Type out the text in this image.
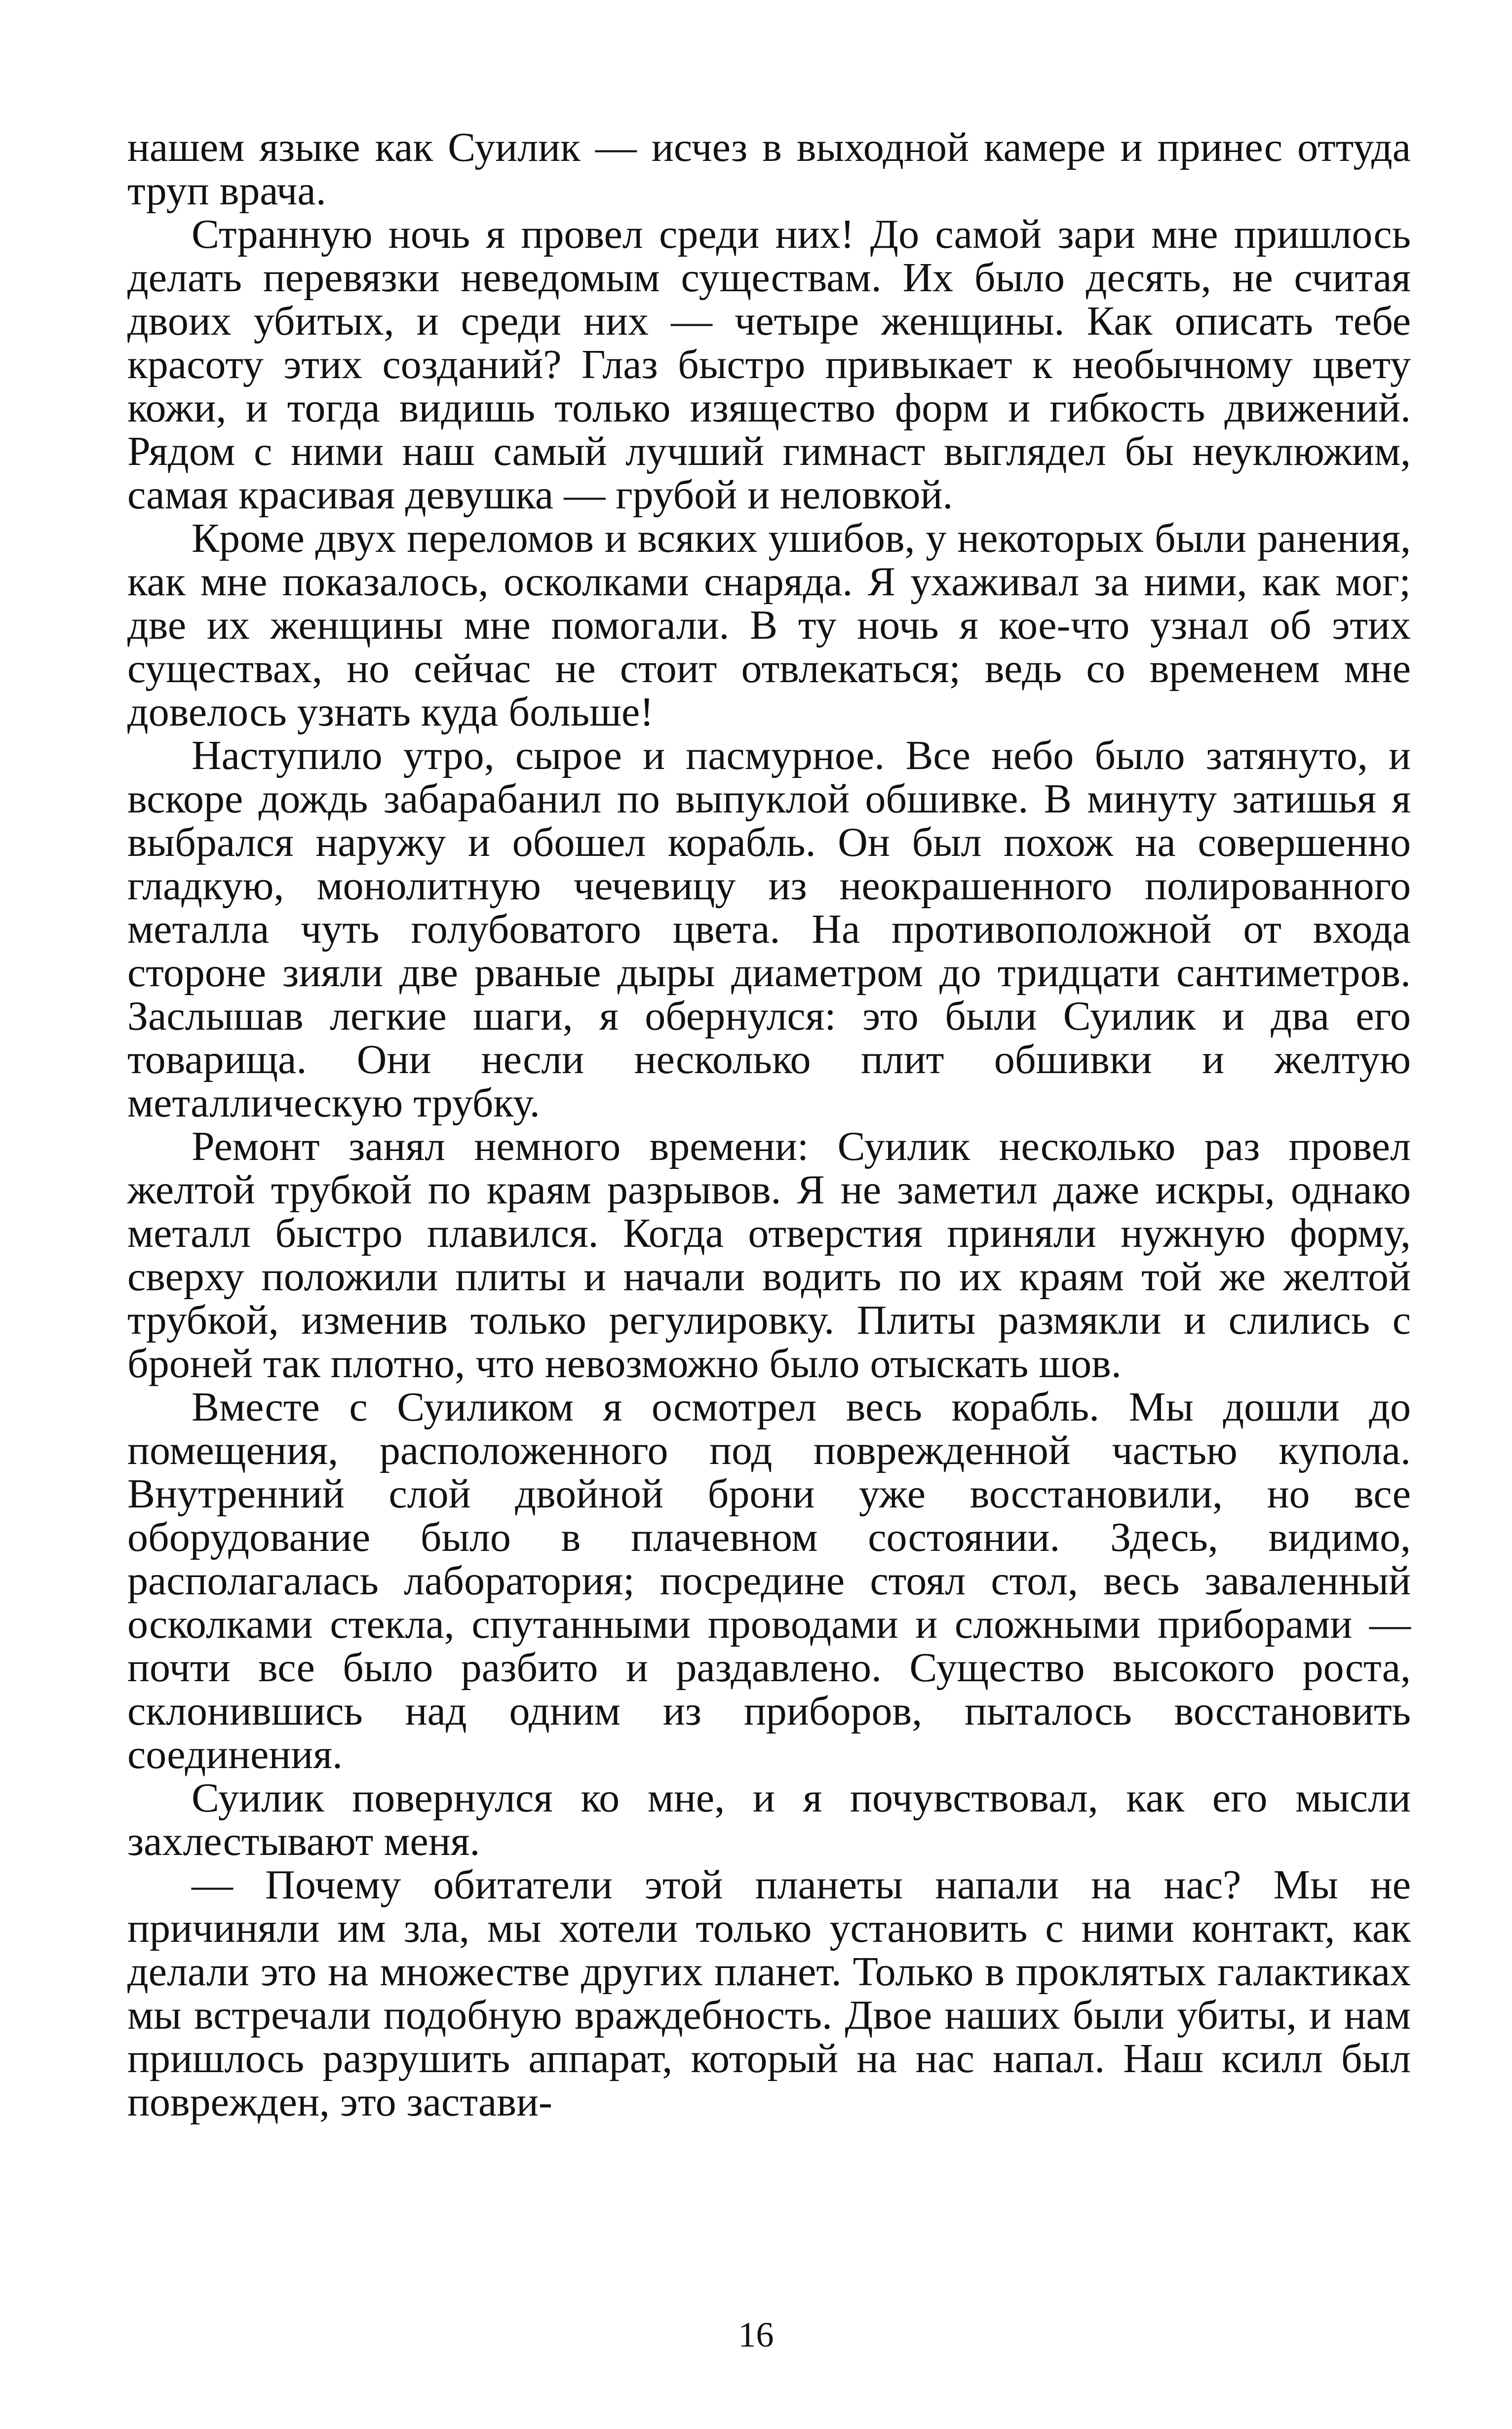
нашем языке как Суилик — исчез в выходной камере и принес оттуда труп врача.

Странную ночь я провел среди них! До самой зари мне пришлось делать перевязки неведомым существам. Их было десять, не считая двоих убитых, и среди них — четыре женщины. Как описать тебе красоту этих созданий? Глаз быстро привыкает к необычному цвету кожи, и тогда видишь только изящество форм и гибкость движений. Рядом с ними наш самый лучший гимнаст выглядел бы неуклюжим, самая красивая девушка — грубой и неловкой.

Кроме двух переломов и всяких ушибов, у некоторых были ранения, как мне показалось, осколками снаряда. Я ухаживал за ними, как мог; две их женщины мне помогали. В ту ночь я кое-что узнал об этих существах, но сейчас не стоит отвлекаться; ведь со временем мне довелось узнать куда больше!

Наступило утро, сырое и пасмурное. Все небо было затянуто, и вскоре дождь забарабанил по выпуклой обшивке. В минуту затишья я выбрался наружу и обошел корабль. Он был похож на совершенно гладкую, монолитную чечевицу из неокрашенного полированного металла чуть голубоватого цвета. На противоположной от входа стороне зияли две рваные дыры диаметром до тридцати сантиметров. Заслышав легкие шаги, я обернулся: это были Суилик и два его товарища. Они несли несколько плит обшивки и желтую металлическую трубку.

Ремонт занял немного времени: Суилик несколько раз провел желтой трубкой по краям разрывов. Я не заметил даже искры, однако металл быстро плавился. Когда отверстия приняли нужную форму, сверху положили плиты и начали водить по их краям той же желтой трубкой, изменив только регулировку. Плиты размякли и слились с броней так плотно, что невозможно было отыскать шов.

Вместе с Суиликом я осмотрел весь корабль. Мы дошли до помещения, расположенного под поврежденной частью купола. Внутренний слой двойной брони уже восстановили, но все оборудование было в плачевном состоянии. Здесь, видимо, располагалась лаборатория; посредине стоял стол, весь заваленный осколками стекла, спутанными проводами и сложными приборами — почти все было разбито и раздавлено. Существо высокого роста, склонившись над одним из приборов, пыталось восстановить соединения.

Суилик повернулся ко мне, и я почувствовал, как его мысли захлестывают меня.

— Почему обитатели этой планеты напали на нас? Мы не причиняли им зла, мы хотели только установить с ними контакт, как делали это на множестве других планет. Только в проклятых галактиках мы встречали подобную враждебность. Двое наших были убиты, и нам пришлось разрушить аппарат, который на нас напал. Наш ксилл был поврежден, это застави-

16
